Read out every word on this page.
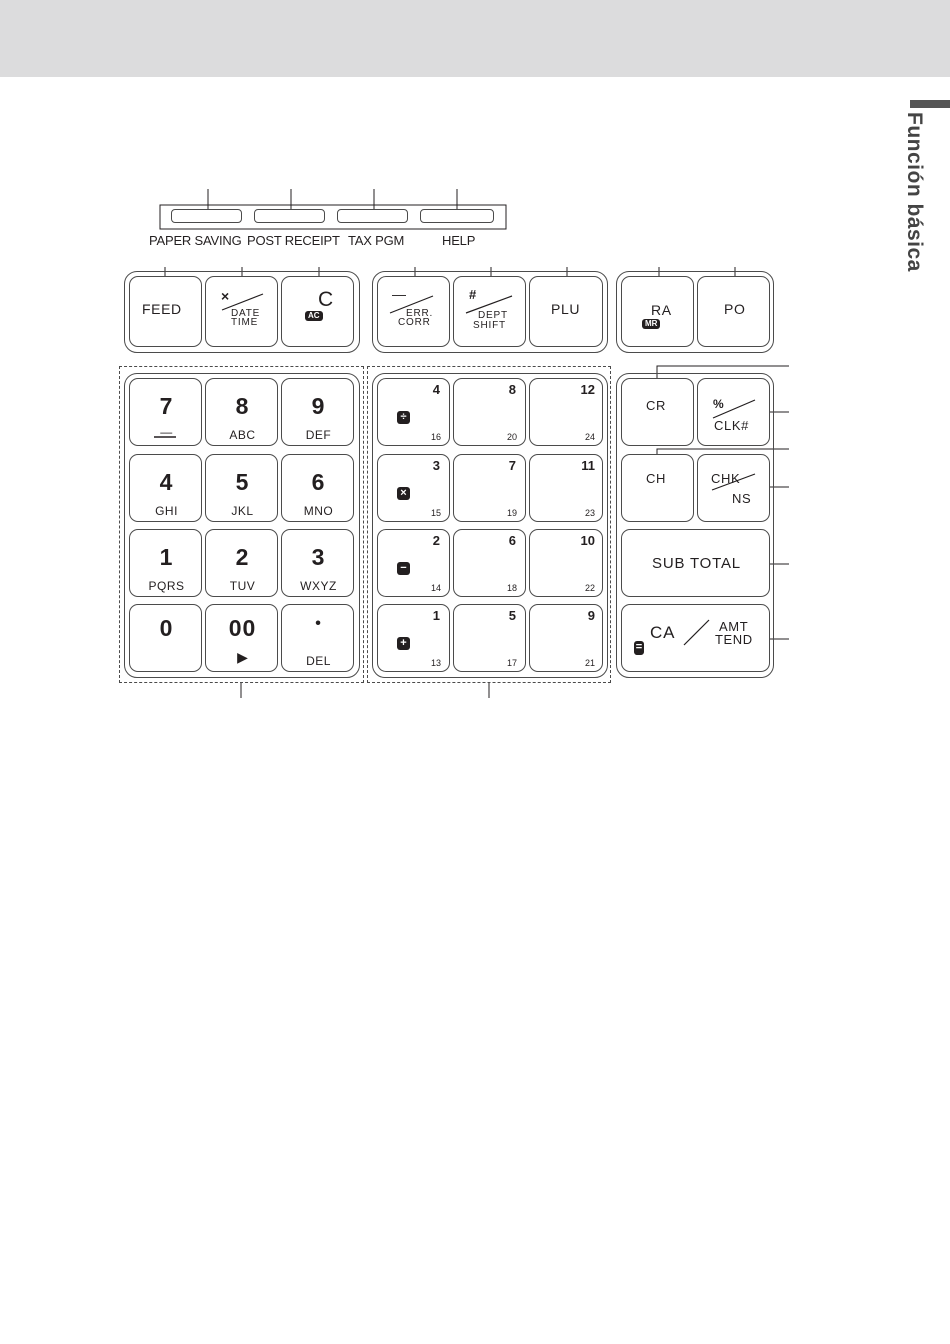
Función básica
PAPER SAVING POST RECEIPT TAX PGM	HELP
FEED
×
DATE
TIME
C
AC
—
ERR.
CORR
#
DEPT
SHIFT
PLU	RA
MR
PO
7
—
8
ABC
9
DEF
4
GHI
5
JKL
6
MNO
1
PQRS
2
TUV
3
WXYZ
0	00
▶
•
DEL
4
÷
16
8
20
12
24
3
×
15
7
19
11
23
2
−
14
6
18
10
22
1
+
13
5
17
9
21
CR	%
CLK#
CH	CHK
NS
SUB TOTAL
=
CA	AMT
TEND
